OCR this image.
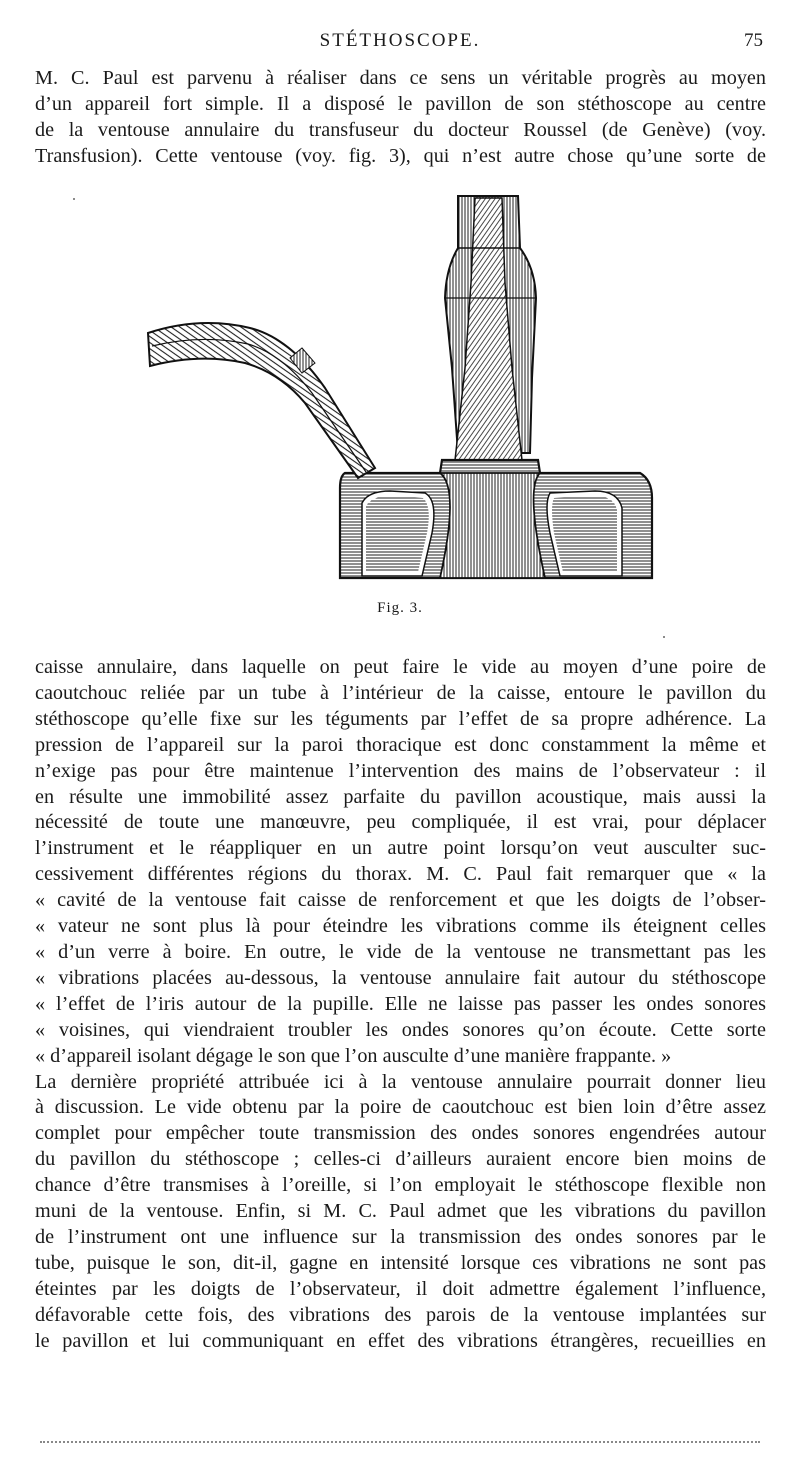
STÉTHOSCOPE.	75
M. C. Paul est parvenu à réaliser dans ce sens un véritable progrès au moyen
d’un appareil fort simple. Il a disposé le pavillon de son stéthoscope au centre
de la ventouse annulaire du transfuseur du docteur Roussel (de Genève) (voy.
Transfusion). Cette ventouse (voy. fig. 3), qui n’est autre chose qu’une sorte de
Fig. 3.
caisse annulaire, dans laquelle on peut faire le vide au moyen d’une poire de
caoutchouc reliée par un tube à l’intérieur de la caisse, entoure le pavillon du
stéthoscope qu’elle fixe sur les téguments par l’effet de sa propre adhérence. La
pression de l’appareil sur la paroi thoracique est donc constamment la même et
n’exige pas pour être maintenue l’intervention des mains de l’observateur : il
en résulte une immobilité assez parfaite du pavillon acoustique, mais aussi la
nécessité de toute une manœuvre, peu compliquée, il est vrai, pour déplacer
l’instrument et le réappliquer en un autre point lorsqu’on veut ausculter suc-
cessivement différentes régions du thorax. M. C. Paul fait remarquer que « la
« cavité de la ventouse fait caisse de renforcement et que les doigts de l’obser-
« vateur ne sont plus là pour éteindre les vibrations comme ils éteignent celles
« d’un verre à boire. En outre, le vide de la ventouse ne transmettant pas les
« vibrations placées au-dessous, la ventouse annulaire fait autour du stéthoscope
« l’effet de l’iris autour de la pupille. Elle ne laisse pas passer les ondes sonores
« voisines, qui viendraient troubler les ondes sonores qu’on écoute. Cette sorte
« d’appareil isolant dégage le son que l’on ausculte d’une manière frappante. »
La dernière propriété attribuée ici à la ventouse annulaire pourrait donner lieu
à discussion. Le vide obtenu par la poire de caoutchouc est bien loin d’être assez
complet pour empêcher toute transmission des ondes sonores engendrées autour
du pavillon du stéthoscope ; celles-ci d’ailleurs auraient encore bien moins de
chance d’être transmises à l’oreille, si l’on employait le stéthoscope flexible non
muni de la ventouse. Enfin, si M. C. Paul admet que les vibrations du pavillon
de l’instrument ont une influence sur la transmission des ondes sonores par le
tube, puisque le son, dit-il, gagne en intensité lorsque ces vibrations ne sont pas
éteintes par les doigts de l’observateur, il doit admettre également l’influence,
défavorable cette fois, des vibrations des parois de la ventouse implantées sur
le pavillon et lui communiquant en effet des vibrations étrangères, recueillies en
